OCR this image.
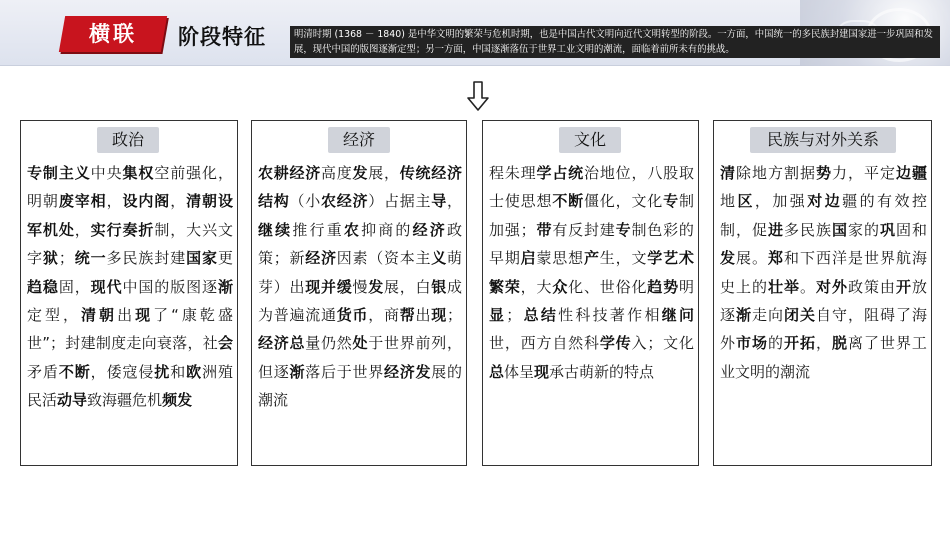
横联	阶段特征	明清时期 (1368 － 1840) 是中华文明的繁荣与危机时期，也是中国古代文明向近代文明转型的阶段。一方面，中国统一的多民族封建国家进一步巩固和发展，现代中国的版图逐渐定型；另一方面，中国逐渐落伍于世界工业文明的潮流，面临着前所未有的挑战。
政治
专制主义中央集权空前强化，明朝废宰相，设内阁，清朝设军机处，实行奏折制，大兴文字狱；统一多民族封建国家更趋稳固，现代中国的版图逐渐定型，清朝出现了“康乾盛世”；封建制度走向衰落，社会矛盾不断，倭寇侵扰和欧洲殖民活动导致海疆危机频发
经济
农耕经济高度发展，传统经济结构（小农经济）占据主导，继续推行重农抑商的经济政策；新经济因素（资本主义萌芽）出现并缓慢发展，白银成为普遍流通货币，商帮出现；经济总量仍然处于世界前列，但逐渐落后于世界经济发展的潮流
文化
程朱理学占统治地位，八股取士使思想不断僵化，文化专制加强；带有反封建专制色彩的早期启蒙思想产生，文学艺术繁荣，大众化、世俗化趋势明显；总结性科技著作相继问世，西方自然科学传入；文化总体呈现承古萌新的特点
民族与对外关系
清除地方割据势力，平定边疆地区，加强对边疆的有效控制，促进多民族国家的巩固和发展。郑和下西洋是世界航海史上的壮举。对外政策由开放逐渐走向闭关自守，阻碍了海外市场的开拓，脱离了世界工业文明的潮流
